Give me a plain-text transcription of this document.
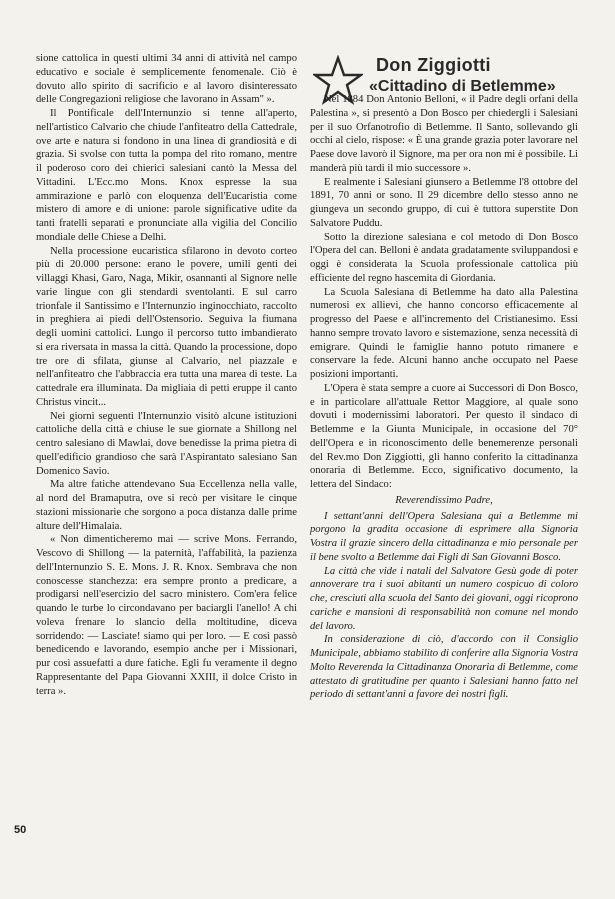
sione cattolica in questi ultimi 34 anni di attività nel campo educativo e sociale è semplicemente fenomenale. Ciò è dovuto allo spirito di sacrificio e al lavoro disinteressato delle Congregazioni religiose che lavorano in Assam" ».

Il Pontificale dell'Internunzio si tenne all'aperto, nell'artistico Calvario che chiude l'anfiteatro della Cattedrale, ove arte e natura si fondono in una linea di grandiosità e di grazia. Si svolse con tutta la pompa del rito romano, mentre il poderoso coro dei chierici salesiani cantò la Messa del Vittadini. L'Ecc.mo Mons. Knox espresse la sua ammirazione e parlò con eloquenza dell'Eucaristia come mistero di amore e di unione: parole significative udite da tanti fratelli separati e pronunciate alla vigilia del Concilio mondiale delle Chiese a Delhi.

Nella processione eucaristica sfilarono in devoto corteo più di 20.000 persone: erano le povere, umili genti dei villaggi Khasi, Garo, Naga, Mikir, osannanti al Signore nelle varie lingue con gli stendardi sventolanti. E sul carro trionfale il Santissimo e l'Internunzio inginocchiato, raccolto in preghiera ai piedi dell'Ostensorio. Seguiva la fiumana degli uomini cattolici. Lungo il percorso tutto imbandierato si era riversata in massa la città. Quando la processione, dopo tre ore di sfilata, giunse al Calvario, nel piazzale e nell'anfiteatro che l'abbraccia era tutta una marea di teste. La cattedrale era illuminata. Da migliaia di petti eruppe il canto Christus vincit...

Nei giorni seguenti l'Internunzio visitò alcune istituzioni cattoliche della città e chiuse le sue giornate a Shillong nel centro salesiano di Mawlai, dove benedisse la prima pietra di quell'edificio grandioso che sarà l'Aspirantato salesiano San Domenico Savio.

Ma altre fatiche attendevano Sua Eccellenza nella valle, al nord del Bramaputra, ove si recò per visitare le cinque stazioni missionarie che sorgono a poca distanza dalle prime alture dell'Himalaia.

« Non dimenticheremo mai — scrive Mons. Ferrando, Vescovo di Shillong — la paternità, l'affabilità, la pazienza dell'Internunzio S. E. Mons. J. R. Knox. Sembrava che non conoscesse stanchezza: era sempre pronto a predicare, a prodigarsi nell'esercizio del sacro ministero. Com'era felice quando le turbe lo circondavano per baciargli l'anello! A chi voleva frenare lo slancio della moltitudine, diceva sorridendo: — Lasciate! siamo qui per loro. — E così passò benedicendo e lavorando, esempio anche per i Missionari, pur così assuefatti a dure fatiche. Egli fu veramente il degno Rappresentante del Papa Giovanni XXIII, il dolce Cristo in terra ».

Don Ziggiotti
«Cittadino di Betlemme»

Nel 1884 Don Antonio Belloni, « il Padre degli orfani della Palestina », si presentò a Don Bosco per chiedergli i Salesiani per il suo Orfanotrofio di Betlemme. Il Santo, sollevando gli occhi al cielo, rispose: « È una grande grazia poter lavorare nel Paese dove lavorò il Signore, ma per ora non mi è possibile. Li manderà più tardi il mio successore ».

E realmente i Salesiani giunsero a Betlemme l'8 ottobre del 1891, 70 anni or sono. Il 29 dicembre dello stesso anno ne giungeva un secondo gruppo, di cui è tuttora superstite Don Salvatore Puddu.

Sotto la direzione salesiana e col metodo di Don Bosco l'Opera del can. Belloni è andata gradatamente sviluppandosi e oggi è considerata la Scuola professionale cattolica più efficiente del regno hascemita di Giordania.

La Scuola Salesiana di Betlemme ha dato alla Palestina numerosi ex allievi, che hanno concorso efficacemente al progresso del Paese e all'incremento del Cristianesimo. Essi hanno sempre trovato lavoro e sistemazione, senza necessità di emigrare. Quindi le famiglie hanno potuto rimanere e conservare la fede. Alcuni hanno anche occupato nel Paese posizioni importanti.

L'Opera è stata sempre a cuore ai Successori di Don Bosco, e in particolare all'attuale Rettor Maggiore, al quale sono dovuti i modernissimi laboratori. Per questo il sindaco di Betlemme e la Giunta Municipale, in occasione del 70° dell'Opera e in riconoscimento delle benemerenze personali del Rev.mo Don Ziggiotti, gli hanno conferito la cittadinanza onoraria di Betlemme. Ecco, significativo documento, la lettera del Sindaco:

Reverendissimo Padre,

I settant'anni dell'Opera Salesiana qui a Betlemme mi porgono la gradita occasione di esprimere alla Signoria Vostra il grazie sincero della cittadinanza e mio personale per il bene svolto a Betlemme dai Figli di San Giovanni Bosco.

La città che vide i natali del Salvatore Gesù gode di poter annoverare tra i suoi abitanti un numero cospicuo di coloro che, cresciuti alla scuola del Santo dei giovani, oggi ricoprono cariche e mansioni di responsabilità non comune nel mondo del lavoro.

In considerazione di ciò, d'accordo con il Consiglio Municipale, abbiamo stabilito di conferire alla Signoria Vostra Molto Reverenda la Cittadinanza Onoraria di Betlemme, come attestato di gratitudine per quanto i Salesiani hanno fatto nel periodo di settant'anni a favore dei nostri figli.

50
